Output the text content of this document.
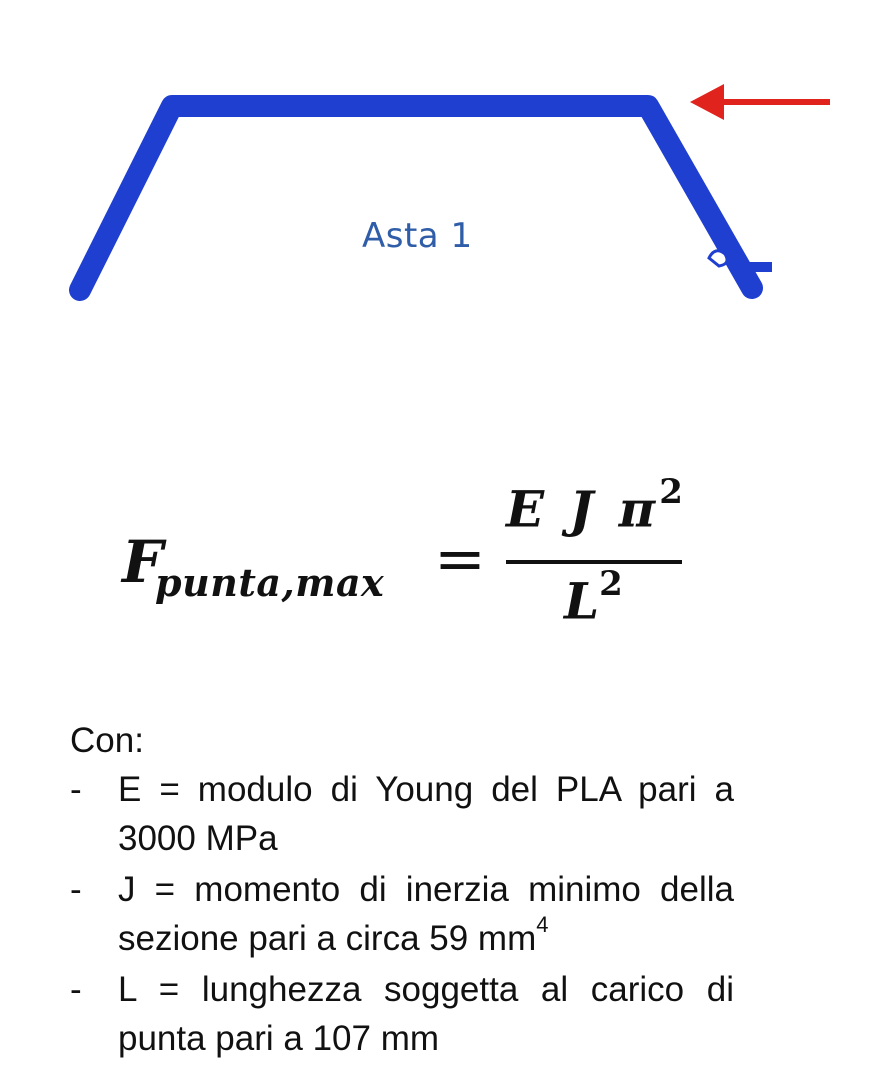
Asta 1
F
punta,max =
E J $\pi^2$
$L^2$
Con:
- E = modulo di Young del PLA pari a 3000 MPa
- J = momento di inerzia minimo della sezione pari a circa 59 $mm^4$
- L = lunghezza soggetta al carico di punta pari a 107 mm
